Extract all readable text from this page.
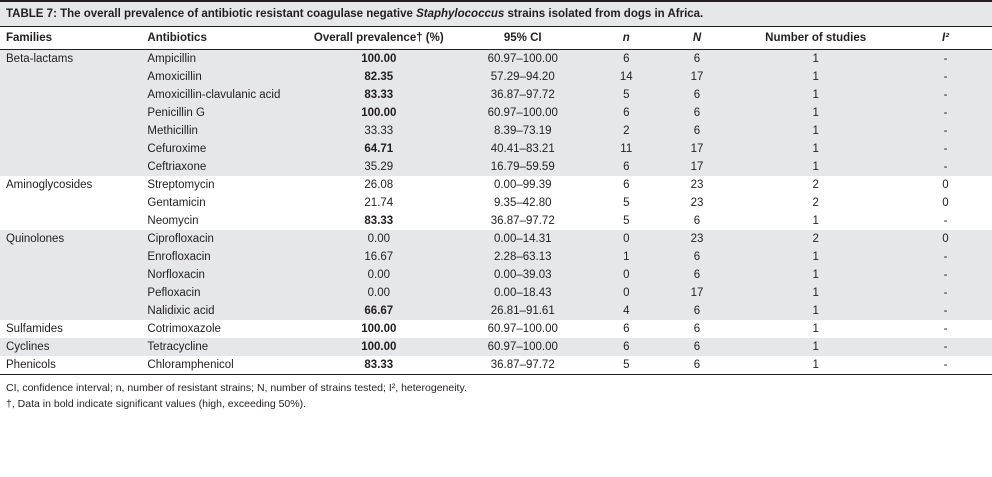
TABLE 7: The overall prevalence of antibiotic resistant coagulase negative Staphylococcus strains isolated from dogs in Africa.
Families	Antibiotics	Overall prevalence† (%)	95% CI	n	N	Number of studies	I²
Beta-lactams	Ampicillin	100.00	60.97–100.00	6	6	1	-
	Amoxicillin	82.35	57.29–94.20	14	17	1	-
	Amoxicillin-clavulanic acid	83.33	36.87–97.72	5	6	1	-
	Penicillin G	100.00	60.97–100.00	6	6	1	-
	Methicillin	33.33	8.39–73.19	2	6	1	-
	Cefuroxime	64.71	40.41–83.21	11	17	1	-
	Ceftriaxone	35.29	16.79–59.59	6	17	1	-
Aminoglycosides	Streptomycin	26.08	0.00–99.39	6	23	2	0
	Gentamicin	21.74	9.35–42.80	5	23	2	0
	Neomycin	83.33	36.87–97.72	5	6	1	-
Quinolones	Ciprofloxacin	0.00	0.00–14.31	0	23	2	0
	Enrofloxacin	16.67	2.28–63.13	1	6	1	-
	Norfloxacin	0.00	0.00–39.03	0	6	1	-
	Pefloxacin	0.00	0.00–18.43	0	17	1	-
	Nalidixic acid	66.67	26.81–91.61	4	6	1	-
Sulfamides	Cotrimoxazole	100.00	60.97–100.00	6	6	1	-
Cyclines	Tetracycline	100.00	60.97–100.00	6	6	1	-
Phenicols	Chloramphenicol	83.33	36.87–97.72	5	6	1	-
CI, confidence interval; n, number of resistant strains; N, number of strains tested; I², heterogeneity.
†, Data in bold indicate significant values (high, exceeding 50%).
